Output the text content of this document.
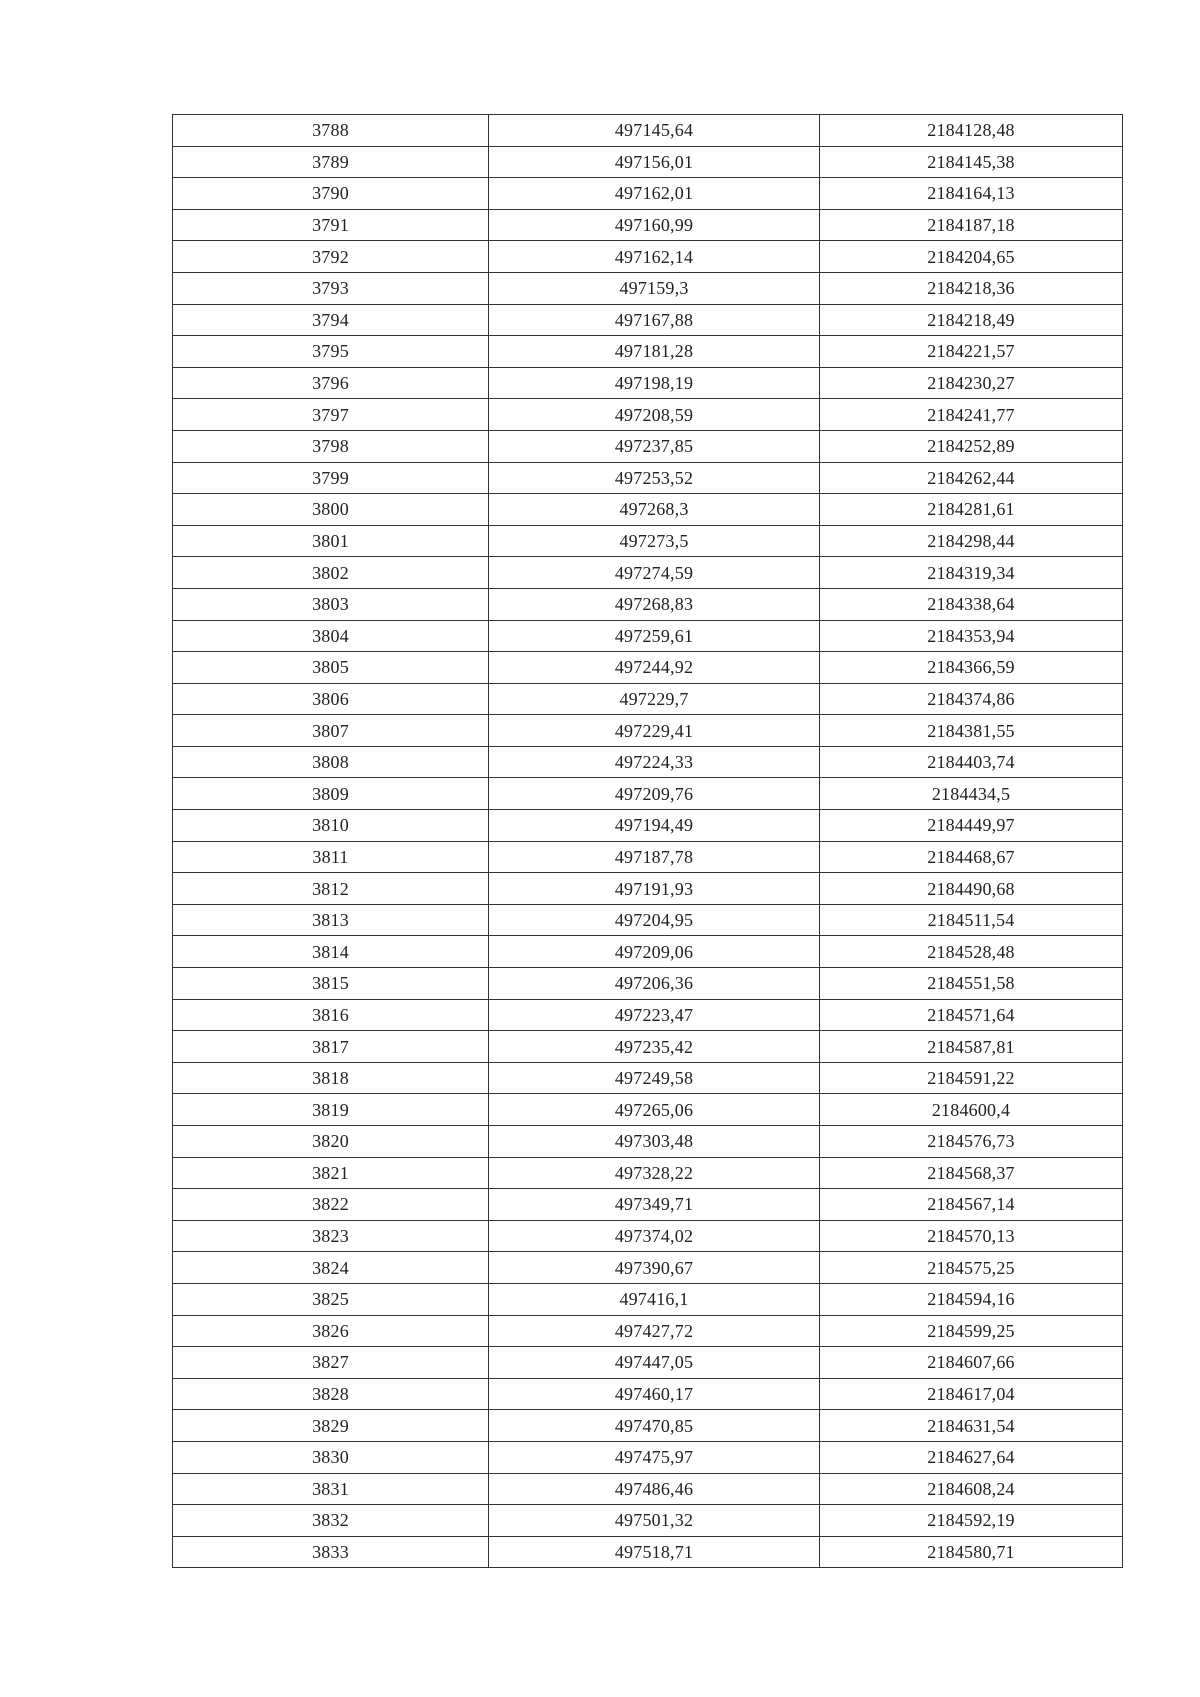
3788	497145,64	2184128,48
3789	497156,01	2184145,38
3790	497162,01	2184164,13
3791	497160,99	2184187,18
3792	497162,14	2184204,65
3793	497159,3	2184218,36
3794	497167,88	2184218,49
3795	497181,28	2184221,57
3796	497198,19	2184230,27
3797	497208,59	2184241,77
3798	497237,85	2184252,89
3799	497253,52	2184262,44
3800	497268,3	2184281,61
3801	497273,5	2184298,44
3802	497274,59	2184319,34
3803	497268,83	2184338,64
3804	497259,61	2184353,94
3805	497244,92	2184366,59
3806	497229,7	2184374,86
3807	497229,41	2184381,55
3808	497224,33	2184403,74
3809	497209,76	2184434,5
3810	497194,49	2184449,97
3811	497187,78	2184468,67
3812	497191,93	2184490,68
3813	497204,95	2184511,54
3814	497209,06	2184528,48
3815	497206,36	2184551,58
3816	497223,47	2184571,64
3817	497235,42	2184587,81
3818	497249,58	2184591,22
3819	497265,06	2184600,4
3820	497303,48	2184576,73
3821	497328,22	2184568,37
3822	497349,71	2184567,14
3823	497374,02	2184570,13
3824	497390,67	2184575,25
3825	497416,1	2184594,16
3826	497427,72	2184599,25
3827	497447,05	2184607,66
3828	497460,17	2184617,04
3829	497470,85	2184631,54
3830	497475,97	2184627,64
3831	497486,46	2184608,24
3832	497501,32	2184592,19
3833	497518,71	2184580,71
